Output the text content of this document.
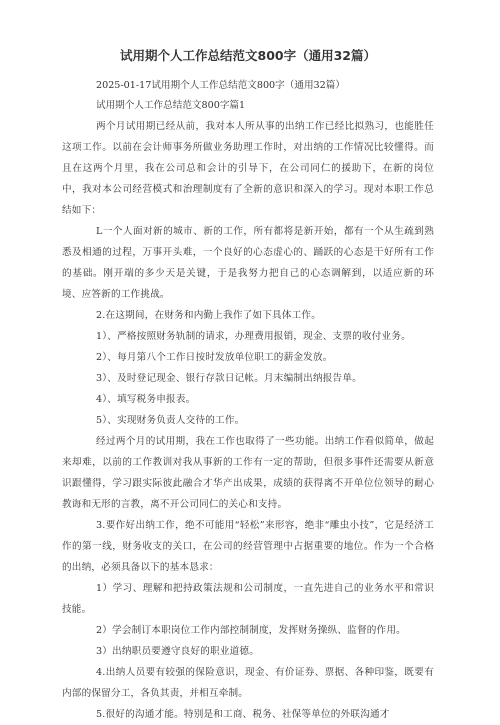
试用期个人工作总结范文800字（通用32篇）
2025-01-17试用期个人工作总结范文800字（通用32篇）
试用期个人工作总结范文800字篇1

两个月试用期已经从前，我对本人所从事的出纳工作已经比拟熟习，也能胜任这项工作。以前在会计师事务所做业务助理工作时，对出纳的工作情况比较懂得。而且在这两个月里，我在公司总和会计的引导下，在公司同仁的援助下，在新的岗位中，我对本公司经营模式和治理制度有了全新的意识和深入的学习。现对本职工作总结如下：

L一个人面对新的城市、新的工作，所有都将是新开始，都有一个从生疏到熟悉及相通的过程，万事开头难，一个良好的心态虚心的、踊跃的心态是干好所有工作的基础。刚开端的多少天是关键，于是我努力把自己的心态调解到，以适应新的环境、应答新的工作挑战。

2.在这期间，在财务和内勤上我作了如下具体工作。

1）、严格按照财务轨制的请求，办理费用报销，现金、支票的收付业务。

2）、每月第八个工作日按时发放单位职工的薪金发放。

3）、及时登记现金、银行存款日记帐。月末编制出纳报告单。

4）、填写税务申报表。

5）、实现财务负责人交待的工作。

经过两个月的试用期，我在工作也取得了一些功能。出纳工作看似简单，做起来却难，以前的工作教训对我从事新的工作有一定的帮助，但很多事件还需要从新意识跟懂得，学习跟实际彼此融合才华产出成果，成绩的获得离不开单位位领导的耐心教诲和无形的言教，离不开公司同仁的关心和支持。

3.要作好出纳工作，绝不可能用“轻松”来形容，绝非“雕虫小技”，它是经济工作的第一线，财务收支的关口，在公司的经营管理中占据重要的地位。作为一个合格的出纳，必须具备以下的基本恳求：

1）学习、理解和把持政策法规和公司制度，一直先进自己的业务水平和常识技能。

2）学会制订本职岗位工作内部控制制度，发挥财务操纵、监督的作用。

3）出纳职员要遵守良好的职业道德。

4.出纳人员要有较强的保险意识，现金、有价证券、票据、各种印鉴，既要有内部的保留分工，各负其责，并相互牵制。

5.很好的沟通才能。特别是和工商、税务、社保等单位的外联沟通才
